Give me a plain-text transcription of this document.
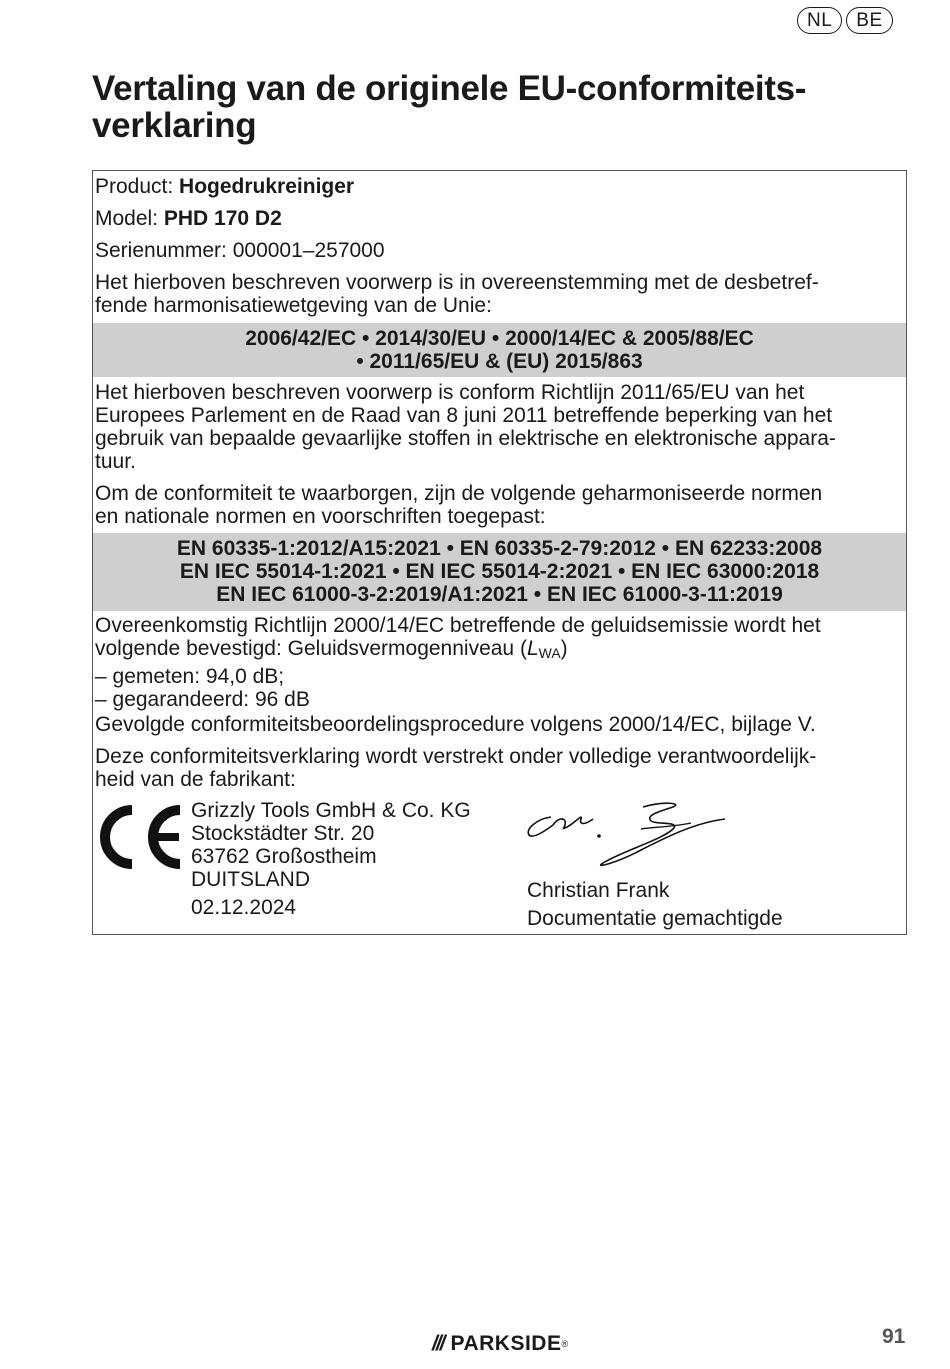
NL	BE
Vertaling van de originele EU-conformiteits-
verklaring
Product: Hogedrukreiniger
Model: PHD 170 D2
Serienummer: 000001–257000
Het hierboven beschreven voorwerp is in overeenstemming met de desbetref-
fende harmonisatiewetgeving van de Unie:
2006/42/EC • 2014/30/EU • 2000/14/EC & 2005/88/EC
• 2011/65/EU & (EU) 2015/863
Het hierboven beschreven voorwerp is conform Richtlijn 2011/65/EU van het
Europees Parlement en de Raad van 8 juni 2011 betreffende beperking van het
gebruik van bepaalde gevaarlijke stoffen in elektrische en elektronische appara-
tuur.
Om de conformiteit te waarborgen, zijn de volgende geharmoniseerde normen
en nationale normen en voorschriften toegepast:
EN 60335-1:2012/A15:2021 • EN 60335-2-79:2012 • EN 62233:2008
EN IEC 55014-1:2021 • EN IEC 55014-2:2021 • EN IEC 63000:2018
EN IEC 61000-3-2:2019/A1:2021 • EN IEC 61000-3-11:2019
Overeenkomstig Richtlijn 2000/14/EC betreffende de geluidsemissie wordt het
volgende bevestigd: Geluidsvermogenniveau $(L_{WA})$
– gemeten: 94,0 dB;
– gegarandeerd: 96 dB
Gevolgde conformiteitsbeoordelingsprocedure volgens 2000/14/EC, bijlage V.
Deze conformiteitsverklaring wordt verstrekt onder volledige verantwoordelijk-
heid van de fabrikant:
Grizzly Tools GmbH & Co. KG
Stockstädter Str. 20
63762 Großostheim
DUITSLAND
02.12.2024
Christian Frank
Documentatie gemachtigde
/// PARKSIDE ®	91
